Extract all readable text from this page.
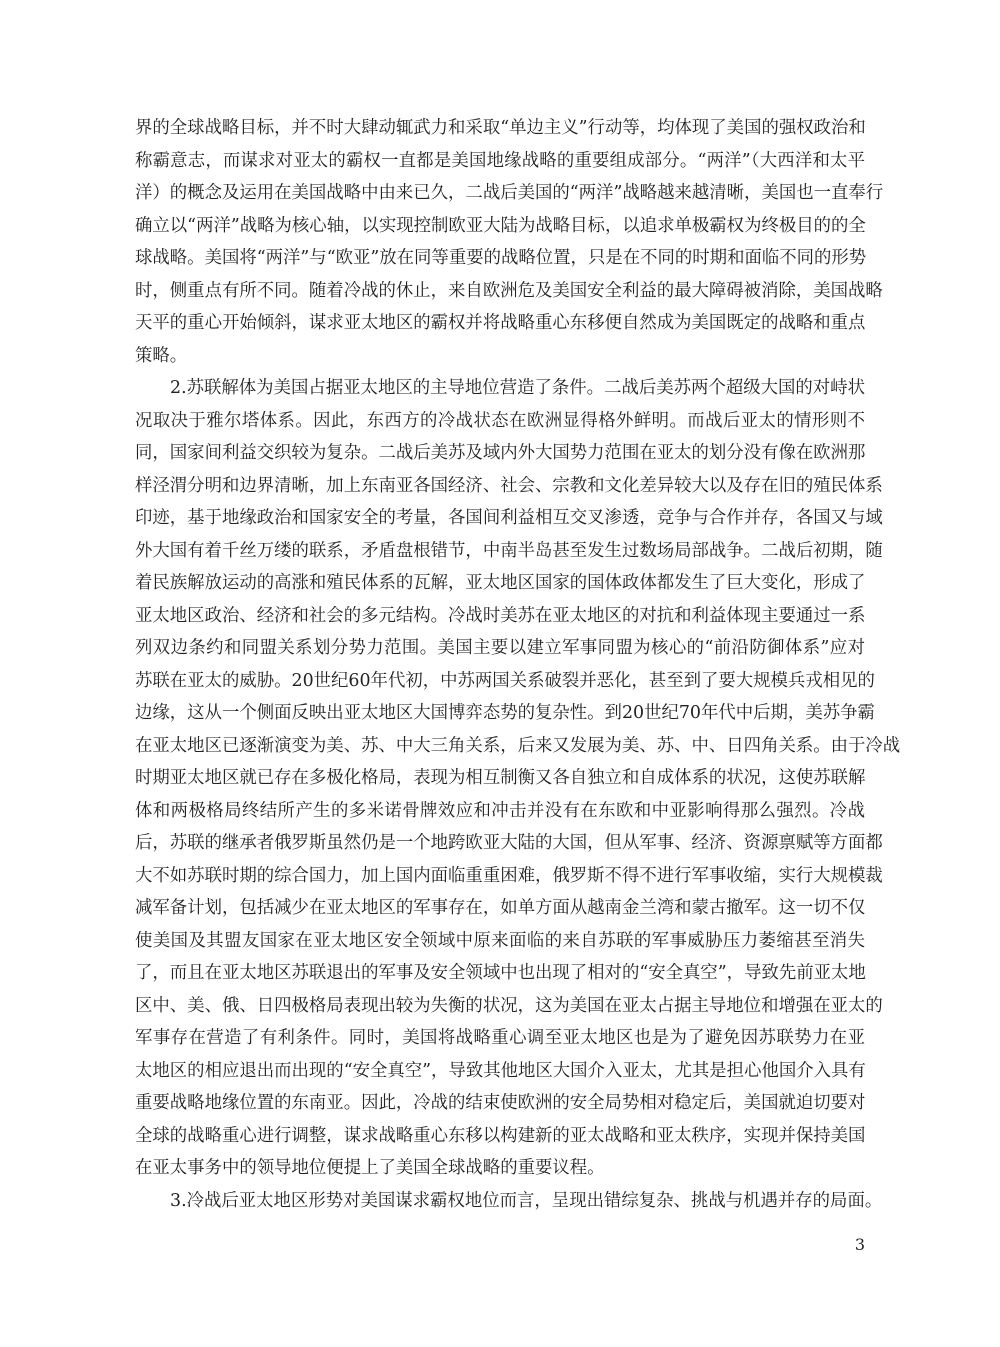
界的全球战略目标，并不时大肆动辄武力和采取“单边主义”行动等，均体现了美国的强权政治和
称霸意志，而谋求对亚太的霸权一直都是美国地缘战略的重要组成部分。“两洋”（大西洋和太平
洋）的概念及运用在美国战略中由来已久，二战后美国的“两洋”战略越来越清晰，美国也一直奉行
确立以“两洋”战略为核心轴，以实现控制欧亚大陆为战略目标，以追求单极霸权为终极目的的全
球战略。美国将“两洋”与“欧亚”放在同等重要的战略位置，只是在不同的时期和面临不同的形势
时，侧重点有所不同。随着冷战的休止，来自欧洲危及美国安全利益的最大障碍被消除，美国战略
天平的重心开始倾斜，谋求亚太地区的霸权并将战略重心东移便自然成为美国既定的战略和重点
策略。
2.苏联解体为美国占据亚太地区的主导地位营造了条件。二战后美苏两个超级大国的对峙状
况取决于雅尔塔体系。因此，东西方的冷战状态在欧洲显得格外鲜明。而战后亚太的情形则不
同，国家间利益交织较为复杂。二战后美苏及域内外大国势力范围在亚太的划分没有像在欧洲那
样泾渭分明和边界清晰，加上东南亚各国经济、社会、宗教和文化差异较大以及存在旧的殖民体系
印迹，基于地缘政治和国家安全的考量，各国间利益相互交叉渗透，竞争与合作并存，各国又与域
外大国有着千丝万缕的联系，矛盾盘根错节，中南半岛甚至发生过数场局部战争。二战后初期，随
着民族解放运动的高涨和殖民体系的瓦解，亚太地区国家的国体政体都发生了巨大变化，形成了
亚太地区政治、经济和社会的多元结构。冷战时美苏在亚太地区的对抗和利益体现主要通过一系
列双边条约和同盟关系划分势力范围。美国主要以建立军事同盟为核心的“前沿防御体系”应对
苏联在亚太的威胁。20世纪60年代初，中苏两国关系破裂并恶化，甚至到了要大规模兵戎相见的
边缘，这从一个侧面反映出亚太地区大国博弈态势的复杂性。到20世纪70年代中后期，美苏争霸
在亚太地区已逐渐演变为美、苏、中大三角关系，后来又发展为美、苏、中、日四角关系。由于冷战
时期亚太地区就已存在多极化格局，表现为相互制衡又各自独立和自成体系的状况，这使苏联解
体和两极格局终结所产生的多米诺骨牌效应和冲击并没有在东欧和中亚影响得那么强烈。冷战
后，苏联的继承者俄罗斯虽然仍是一个地跨欧亚大陆的大国，但从军事、经济、资源禀赋等方面都
大不如苏联时期的综合国力，加上国内面临重重困难，俄罗斯不得不进行军事收缩，实行大规模裁
减军备计划，包括减少在亚太地区的军事存在，如单方面从越南金兰湾和蒙古撤军。这一切不仅
使美国及其盟友国家在亚太地区安全领域中原来面临的来自苏联的军事威胁压力萎缩甚至消失
了，而且在亚太地区苏联退出的军事及安全领域中也出现了相对的“安全真空”，导致先前亚太地
区中、美、俄、日四极格局表现出较为失衡的状况，这为美国在亚太占据主导地位和增强在亚太的
军事存在营造了有利条件。同时，美国将战略重心调至亚太地区也是为了避免因苏联势力在亚
太地区的相应退出而出现的“安全真空”，导致其他地区大国介入亚太，尤其是担心他国介入具有
重要战略地缘位置的东南亚。因此，冷战的结束使欧洲的安全局势相对稳定后，美国就迫切要对
全球的战略重心进行调整，谋求战略重心东移以构建新的亚太战略和亚太秩序，实现并保持美国
在亚太事务中的领导地位便提上了美国全球战略的重要议程。
3.冷战后亚太地区形势对美国谋求霸权地位而言，呈现出错综复杂、挑战与机遇并存的局面。
3
